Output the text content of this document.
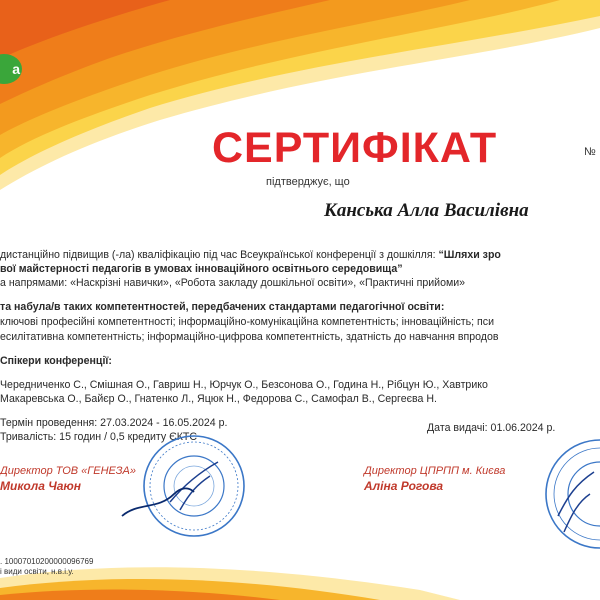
a
СЕРТИФІКАТ	№
підтверджує, що
Канська Алла Василівна
дистанційно підвищив (-ла) кваліфікацію під час Всеукраїнської конференції з дошкілля: “Шляхи зро
вої майстерності педагогів в умовах інноваційного освітнього середовища”
а напрямами: «Наскрізні навички», «Робота закладу дошкільної освіти», «Практичні прийоми»
та набула/в таких компетентностей, передбачених стандартами педагогічної освіти:
ключові професійні компетентності; інформаційно-комунікаційна компетентність; інноваційність; пси
есилітативна компетентність; інформаційно-цифрова компетентність, здатність до навчання впродов
Спікери конференції:
Чередниченко С., Смішная О., Гавриш Н., Юрчук О., Безсонова О., Година Н., Рібцун Ю., Хавтрико
Макаревська О., Байєр О., Гнатенко Л., Яцюк Н., Федорова С., Самофал В., Сергеєва Н.
Термін проведення: 27.03.2024 - 16.05.2024 р.
Тривалість: 15 годин / 0,5 кредиту ЄКТС
Дата видачі: 01.06.2024 р.
Директор ТОВ «ГЕНЕЗА»
Микола Чаюн
Директор ЦПРПП м. Києва
Аліна Рогова
. 10007010200000096769
і види освіти, н.в.і.у.
